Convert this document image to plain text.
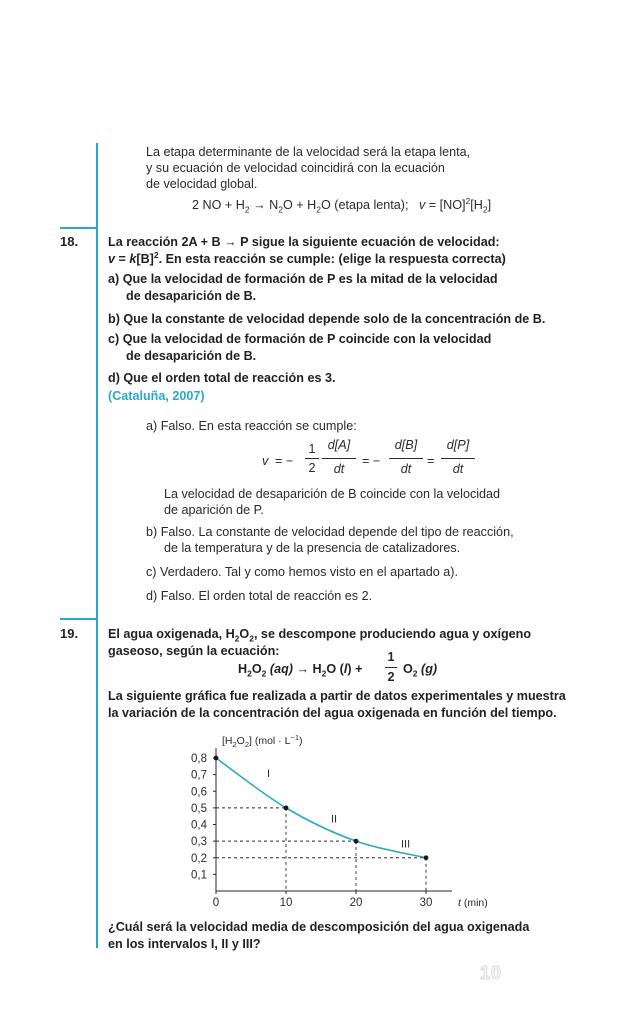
La etapa determinante de la velocidad será la etapa lenta,
y su ecuación de velocidad coincidirá con la ecuación
de velocidad global.
2 NO + $H_2 \to N_2O + H_2O$ (etapa lenta); $v = [NO]^2[H_2]$
18. La reacción 2A + B → P sigue la siguiente ecuación de velocidad:
$v = k[B]^2$. En esta reacción se cumple: (elige la respuesta correcta)
a) Que la velocidad de formación de P es la mitad de la velocidad
de desaparición de B.
b) Que la constante de velocidad depende solo de la concentración de B.
c) Que la velocidad de formación de P coincide con la velocidad
de desaparición de B.
d) Que el orden total de reacción es 3.
(Cataluña, 2007)
a) Falso. En esta reacción se cumple:
v = −
1
2
d[A]
dt
= −
d[B]
dt
=
d[P]
dt
La velocidad de desaparición de B coincide con la velocidad
de aparición de P.
b) Falso. La constante de velocidad depende del tipo de reacción,
de la temperatura y de la presencia de catalizadores.
c) Verdadero. Tal y como hemos visto en el apartado a).
d) Falso. El orden total de reacción es 2.
19. El agua oxigenada, $H_2O_2$, se descompone produciendo agua y oxígeno
gaseoso, según la ecuación:
$H_2O_2$ $(aq) \to H_2O$ (l) +
1
2
$O_2$ (g)
La siguiente gráfica fue realizada a partir de datos experimentales y muestra
la variación de la concentración del agua oxigenada en función del tiempo.
0,1
0,2
0,3
0,4
0,5
0,6
0,7
0,8
0	10	20	30
I
II
III
$[H_2O_2] (mol \cdot L^{-1})$
t (min)
¿Cuál será la velocidad media de descomposición del agua oxigenada
en los intervalos I, II y III?
10
